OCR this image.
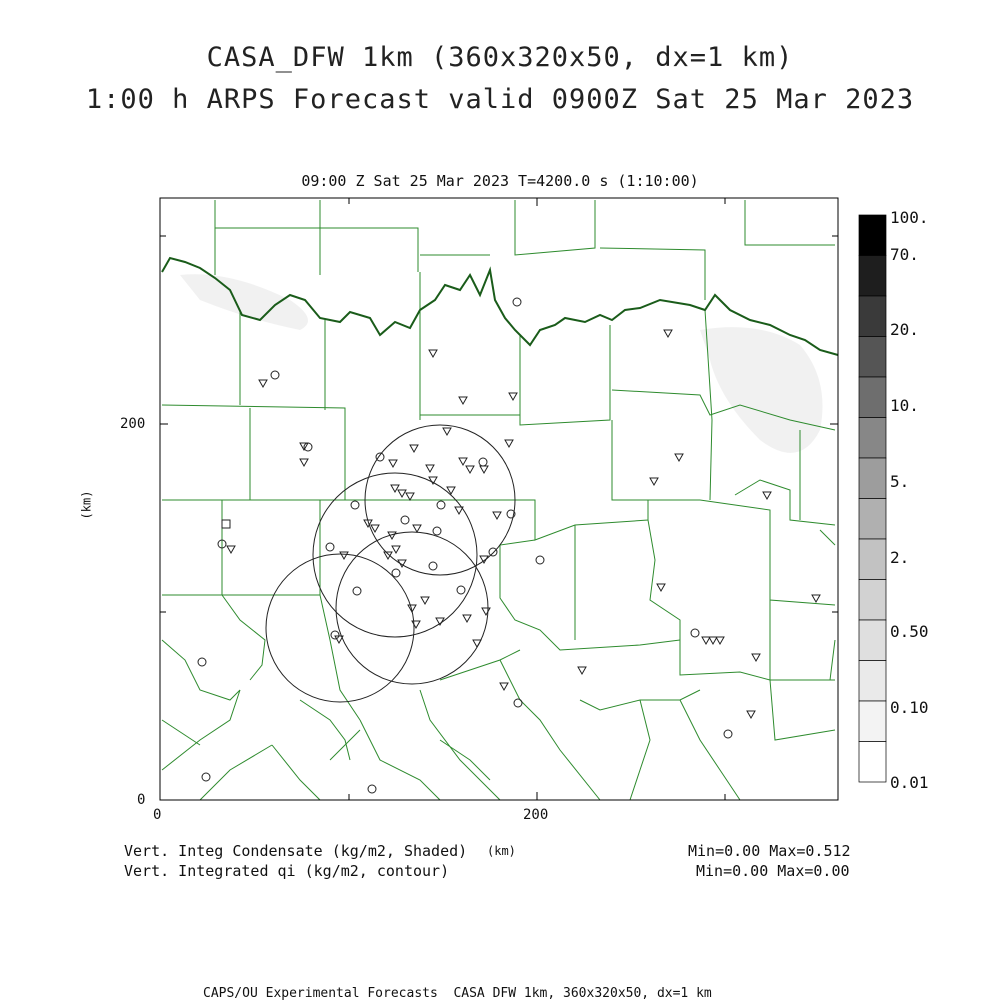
CASA_DFW 1km (360x320x50, dx=1 km)
1:00 h ARPS Forecast valid 0900Z Sat 25 Mar 2023
09:00 Z Sat 25 Mar 2023 T=4200.0 s (1:10:00)
0
200
0	200
(km)
100.
70.
20.
10.
5.
2.
0.50
0.10
0.01
Vert. Integ Condensate (kg/m2, Shaded) (km)
Vert. Integrated qi (kg/m2, contour)
Min=0.00 Max=0.512
Min=0.00 Max=0.00
CAPS/OU Experimental Forecasts  CASA DFW 1km, 360x320x50, dx=1 km
